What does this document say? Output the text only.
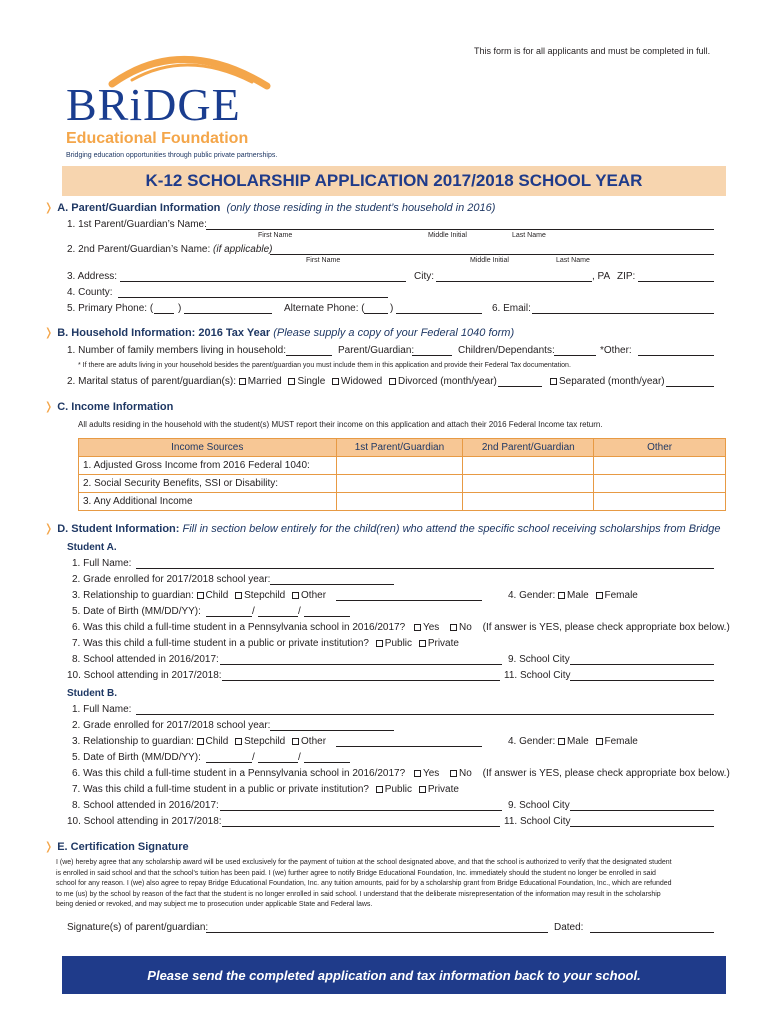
This form is for all applicants and must be completed in full.
BRiDGE
Educational Foundation
Bridging education opportunities through public private partnerships.
K-12 SCHOLARSHIP APPLICATION 2017/2018 SCHOOL YEAR
❭ A. Parent/Guardian Information (only those residing in the student’s household in 2016)
1. 1st Parent/Guardian’s Name:
First Name	Middle Initial	Last Name
2. 2nd Parent/Guardian’s Name: (if applicable)
First Name	Middle Initial	Last Name
3. Address:	City:	, PA ZIP:
4. County:
5. Primary Phone: ( )	Alternate Phone: (	)	6. Email:
❭ B. Household Information: 2016 Tax Year (Please supply a copy of your Federal 1040 form)
1. Number of family members living in household:	Parent/Guardian:	Children/Dependants:	*Other:
* If there are adults living in your household besides the parent/guardian you must include them in this application and provide their Federal Tax documentation.
2. Marital status of parent/guardian(s): Married Single Widowed Divorced (month/year)	Separated (month/year)
❭ C. Income Information
All adults residing in the household with the student(s) MUST report their income on this application and attach their 2016 Federal Income tax return.
Income Sources	1st Parent/Guardian	2nd Parent/Guardian	Other
1. Adjusted Gross Income from 2016 Federal 1040:			
2. Social Security Benefits, SSI or Disability:			
3. Any Additional Income			
❭ D. Student Information: Fill in section below entirely for the child(ren) who attend the specific school receiving scholarships from Bridge
Student A.
1. Full Name:
2. Grade enrolled for 2017/2018 school year:
3. Relationship to guardian: Child Stepchild Other	4. Gender: Male Female
5. Date of Birth (MM/DD/YY):	/	/
6. Was this child a full-time student in a Pennsylvania school in 2016/2017? Yes No (If answer is YES, please check appropriate box below.)
7. Was this child a full-time student in a public or private institution? Public Private
8. School attended in 2016/2017:	9. School City
10. School attending in 2017/2018:	11. School City
Student B.
1. Full Name:
2. Grade enrolled for 2017/2018 school year:
3. Relationship to guardian: Child Stepchild Other	4. Gender: Male Female
5. Date of Birth (MM/DD/YY):	/	/
6. Was this child a full-time student in a Pennsylvania school in 2016/2017? Yes No (If answer is YES, please check appropriate box below.)
7. Was this child a full-time student in a public or private institution? Public Private
8. School attended in 2016/2017:	9. School City
10. School attending in 2017/2018:	11. School City
❭ E. Certification Signature
I (we) hereby agree that any scholarship award will be used exclusively for the payment of tuition at the school designated above, and that the school is authorized to verify that the designated student
is enrolled in said school and that the school’s tuition has been paid. I (we) further agree to notify Bridge Educational Foundation, Inc. immediately should the student no longer be enrolled in said
school for any reason. I (we) also agree to repay Bridge Educational Foundation, Inc. any tuition amounts, paid for by a scholarship grant from Bridge Educational Foundation, Inc., which are refunded
to me (us) by the school by reason of the fact that the student is no longer enrolled in said school. I understand that the deliberate misrepresentation of the information may result in the scholarship
being denied or revoked, and may subject me to prosecution under applicable State and Federal laws.
Signature(s) of parent/guardian:	Dated:
Please send the completed application and tax information back to your school.
